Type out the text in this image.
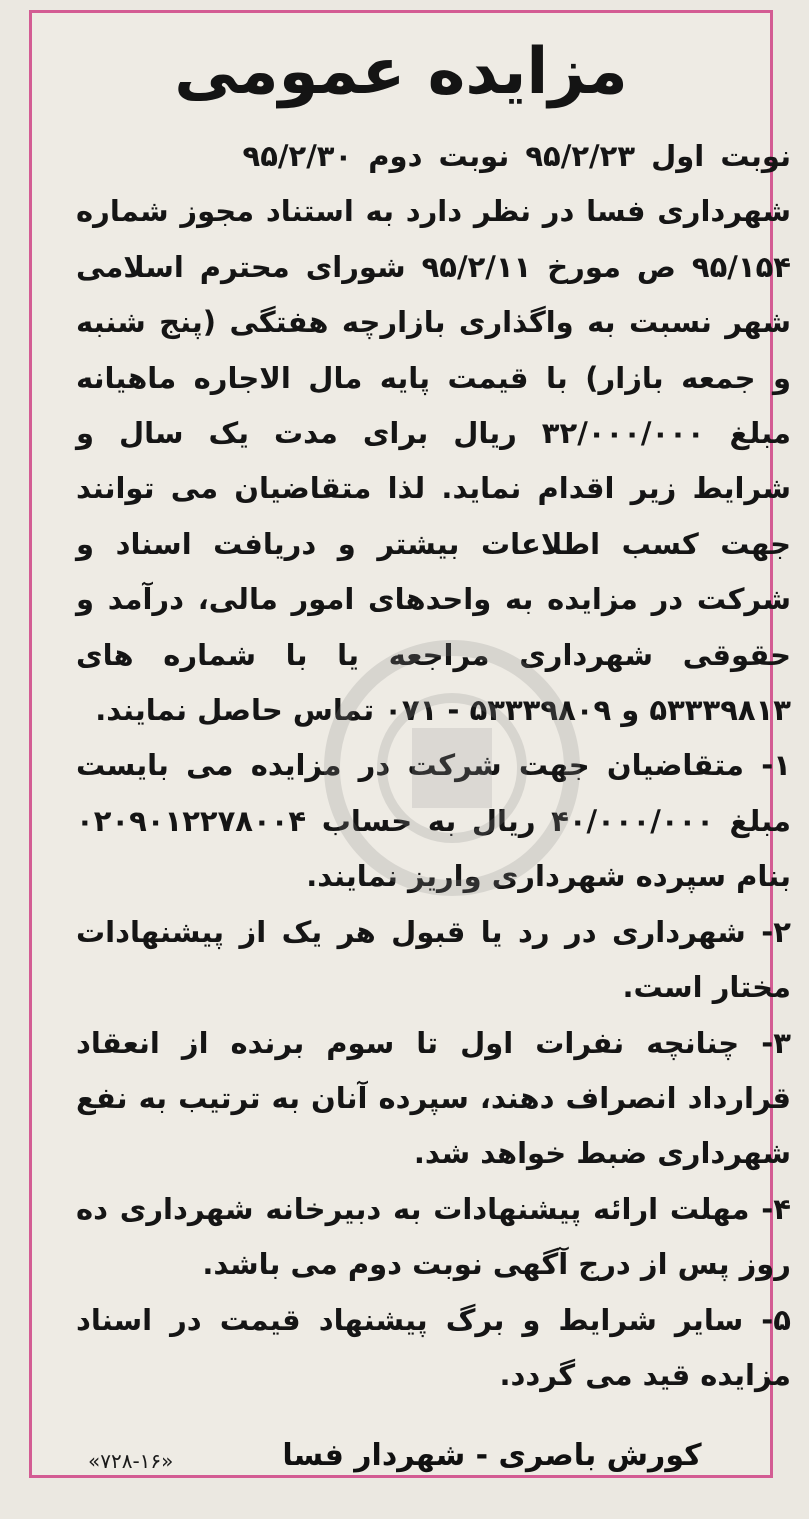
مزایده عمومی

نوبت اول ۹۵/۲/۲۳ نوبت دوم ۹۵/۲/۳۰

شهرداری فسا در نظر دارد به استناد مجوز شماره ۹۵/۱۵۴ ص مورخ ۹۵/۲/۱۱ شورای محترم اسلامی شهر نسبت به واگذاری بازارچه هفتگی (پنج شنبه و جمعه بازار) با قیمت پایه مال الاجاره ماهیانه مبلغ ۳۲/۰۰۰/۰۰۰ ریال برای مدت یک سال و شرایط زیر اقدام نماید. لذا متقاضیان می توانند جهت کسب اطلاعات بیشتر و دریافت اسناد و شرکت در مزایده به واحدهای امور مالی، درآمد و حقوقی شهرداری مراجعه یا با شماره های ۵۳۳۳۹۸۱۳ و ۵۳۳۳۹۸۰۹ - ۰۷۱ تماس حاصل نمایند.

۱- متقاضیان جهت شرکت در مزایده می بایست مبلغ ۴۰/۰۰۰/۰۰۰ ریال به حساب ۰۲۰۹۰۱۲۲۷۸۰۰۴ بنام سپرده شهرداری واریز نمایند.

۲- شهرداری در رد یا قبول هر یک از پیشنهادات مختار است.

۳- چنانچه نفرات اول تا سوم برنده از انعقاد قرارداد انصراف دهند، سپرده آنان به ترتیب به نفع شهرداری ضبط خواهد شد.

۴- مهلت ارائه پیشنهادات به دبیرخانه شهرداری ده روز پس از درج آگهی نوبت دوم می باشد.

۵- سایر شرایط و برگ پیشنهاد قیمت در اسناد مزایده قید می گردد.

«۷۲۸-۱۶»	کورش باصری - شهردار فسا
